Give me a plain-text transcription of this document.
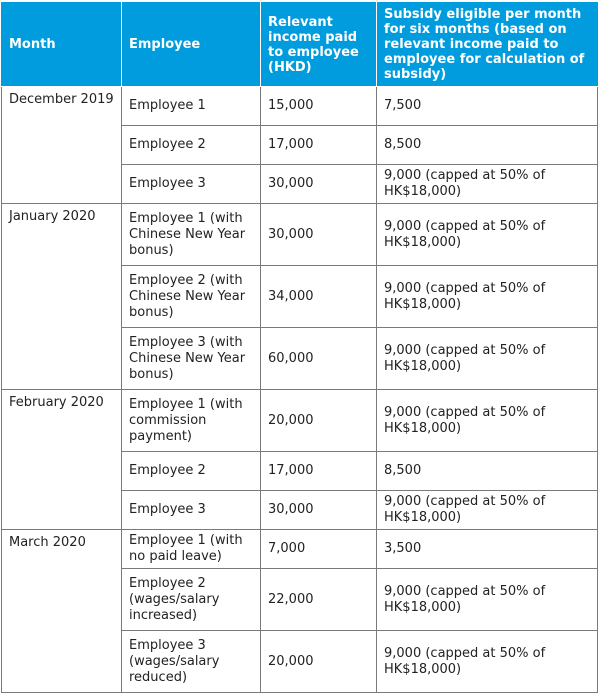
Month	Employee	Relevant income paid to employee (HKD)	Subsidy eligible per month for six months (based on relevant income paid to employee for calculation of subsidy)
December 2019	Employee 1	15,000	7,500
	Employee 2	17,000	8,500
	Employee 3	30,000	9,000 (capped at 50% of HK$18,000)
January 2020	Employee 1 (with Chinese New Year bonus)	30,000	9,000 (capped at 50% of HK$18,000)
	Employee 2 (with Chinese New Year bonus)	34,000	9,000 (capped at 50% of HK$18,000)
	Employee 3 (with Chinese New Year bonus)	60,000	9,000 (capped at 50% of HK$18,000)
February 2020	Employee 1 (with commission payment)	20,000	9,000 (capped at 50% of HK$18,000)
	Employee 2	17,000	8,500
	Employee 3	30,000	9,000 (capped at 50% of HK$18,000)
March 2020	Employee 1 (with no paid leave)	7,000	3,500
	Employee 2 (wages/salary increased)	22,000	9,000 (capped at 50% of HK$18,000)
	Employee 3 (wages/salary reduced)	20,000	9,000 (capped at 50% of HK$18,000)
